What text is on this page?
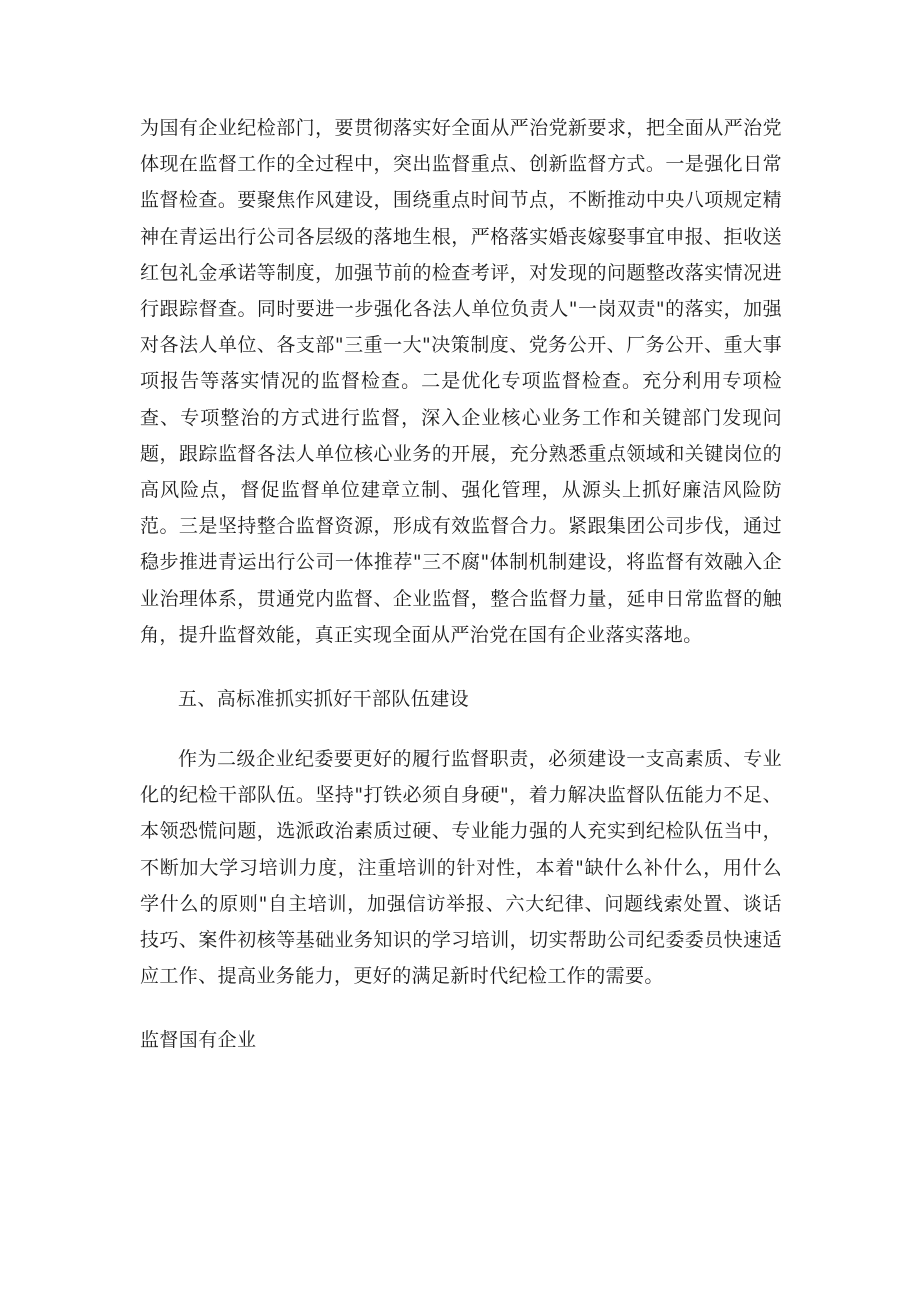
为国有企业纪检部门，要贯彻落实好全面从严治党新要求，把全面从严治党体现在监督工作的全过程中，突出监督重点、创新监督方式。一是强化日常监督检查。要聚焦作风建设，围绕重点时间节点，不断推动中央八项规定精神在青运出行公司各层级的落地生根，严格落实婚丧嫁娶事宜申报、拒收送红包礼金承诺等制度，加强节前的检查考评，对发现的问题整改落实情况进行跟踪督查。同时要进一步强化各法人单位负责人"一岗双责"的落实，加强对各法人单位、各支部"三重一大"决策制度、党务公开、厂务公开、重大事项报告等落实情况的监督检查。二是优化专项监督检查。充分利用专项检查、专项整治的方式进行监督，深入企业核心业务工作和关键部门发现问题，跟踪监督各法人单位核心业务的开展，充分熟悉重点领域和关键岗位的高风险点，督促监督单位建章立制、强化管理，从源头上抓好廉洁风险防范。三是坚持整合监督资源，形成有效监督合力。紧跟集团公司步伐，通过稳步推进青运出行公司一体推荐"三不腐"体制机制建设，将监督有效融入企业治理体系，贯通党内监督、企业监督，整合监督力量，延申日常监督的触角，提升监督效能，真正实现全面从严治党在国有企业落实落地。

五、高标准抓实抓好干部队伍建设

作为二级企业纪委要更好的履行监督职责，必须建设一支高素质、专业化的纪检干部队伍。坚持"打铁必须自身硬"，着力解决监督队伍能力不足、本领恐慌问题，选派政治素质过硬、专业能力强的人充实到纪检队伍当中，不断加大学习培训力度，注重培训的针对性，本着"缺什么补什么，用什么学什么的原则"自主培训，加强信访举报、六大纪律、问题线索处置、谈话技巧、案件初核等基础业务知识的学习培训，切实帮助公司纪委委员快速适应工作、提高业务能力，更好的满足新时代纪检工作的需要。

监督国有企业
